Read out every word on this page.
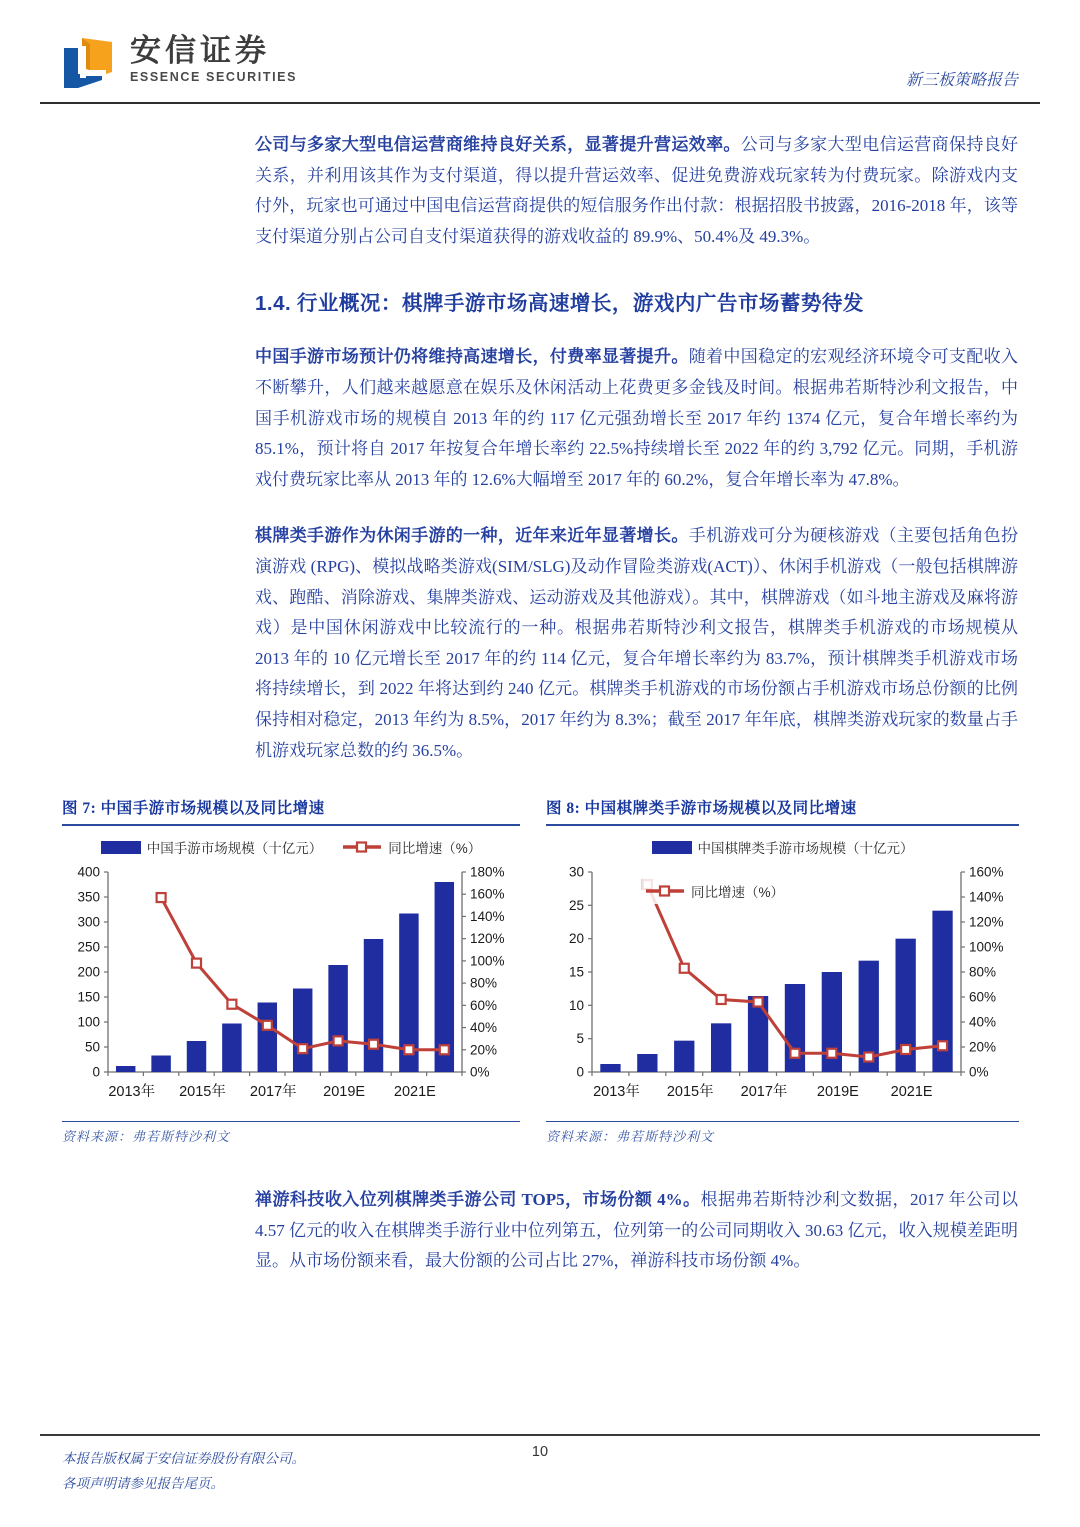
安信证券
ESSENCE SECURITIES	新三板策略报告

公司与多家大型电信运营商维持良好关系，显著提升营运效率。公司与多家大型电信运营商保持良好关系，并利用该其作为支付渠道，得以提升营运效率、促进免费游戏玩家转为付费玩家。除游戏内支付外，玩家也可通过中国电信运营商提供的短信服务作出付款：根据招股书披露，2016-2018 年，该等支付渠道分别占公司自支付渠道获得的游戏收益的 89.9%、50.4%及 49.3%。

1.4. 行业概况：棋牌手游市场高速增长，游戏内广告市场蓄势待发

中国手游市场预计仍将维持高速增长，付费率显著提升。随着中国稳定的宏观经济环境令可支配收入不断攀升，人们越来越愿意在娱乐及休闲活动上花费更多金钱及时间。根据弗若斯特沙利文报告，中国手机游戏市场的规模自 2013 年的约 117 亿元强劲增长至 2017 年约 1374 亿元，复合年增长率约为 85.1%，预计将自 2017 年按复合年增长率约 22.5%持续增长至 2022 年的约 3,792 亿元。同期，手机游戏付费玩家比率从 2013 年的 12.6%大幅增至 2017 年的 60.2%，复合年增长率为 47.8%。

棋牌类手游作为休闲手游的一种，近年来近年显著增长。手机游戏可分为硬核游戏（主要包括角色扮演游戏 (RPG)、模拟战略类游戏(SIM/SLG)及动作冒险类游戏(ACT)）、休闲手机游戏（一般包括棋牌游戏、跑酷、消除游戏、集牌类游戏、运动游戏及其他游戏）。其中，棋牌游戏（如斗地主游戏及麻将游戏）是中国休闲游戏中比较流行的一种。根据弗若斯特沙利文报告，棋牌类手机游戏的市场规模从 2013 年的 10 亿元增长至 2017 年的约 114 亿元，复合年增长率约为 83.7%，预计棋牌类手机游戏市场将持续增长，到 2022 年将达到约 240 亿元。棋牌类手机游戏的市场份额占手机游戏市场总份额的比例保持相对稳定，2013 年约为 8.5%，2017 年约为 8.3%；截至 2017 年年底，棋牌类游戏玩家的数量占手机游戏玩家总数的约 36.5%。

图 7: 中国手游市场规模以及同比增速
中国手游市场规模（十亿元）	同比增速（%）
0
50
100
150
200
250
300
350
400
0%
20%
40%
60%
80%
100%
120%
140%
160%
180%
2013年 2015年 2017年 2019E 2021E
资料来源：弗若斯特沙利文
图 8: 中国棋牌类手游市场规模以及同比增速
中国棋牌类手游市场规模（十亿元）
0
5
10
15
20
25
30
0%
20%
40%
60%
80%
100%
120%
140%
160%
2013年 2015年 2017年 2019E 2021E
同比增速（%）
资料来源：弗若斯特沙利文

禅游科技收入位列棋牌类手游公司 TOP5，市场份额 4%。根据弗若斯特沙利文数据，2017 年公司以 4.57 亿元的收入在棋牌类手游行业中位列第五，位列第一的公司同期收入 30.63 亿元，收入规模差距明显。从市场份额来看，最大份额的公司占比 27%，禅游科技市场份额 4%。

本报告版权属于安信证券股份有限公司。
各项声明请参见报告尾页。
10
